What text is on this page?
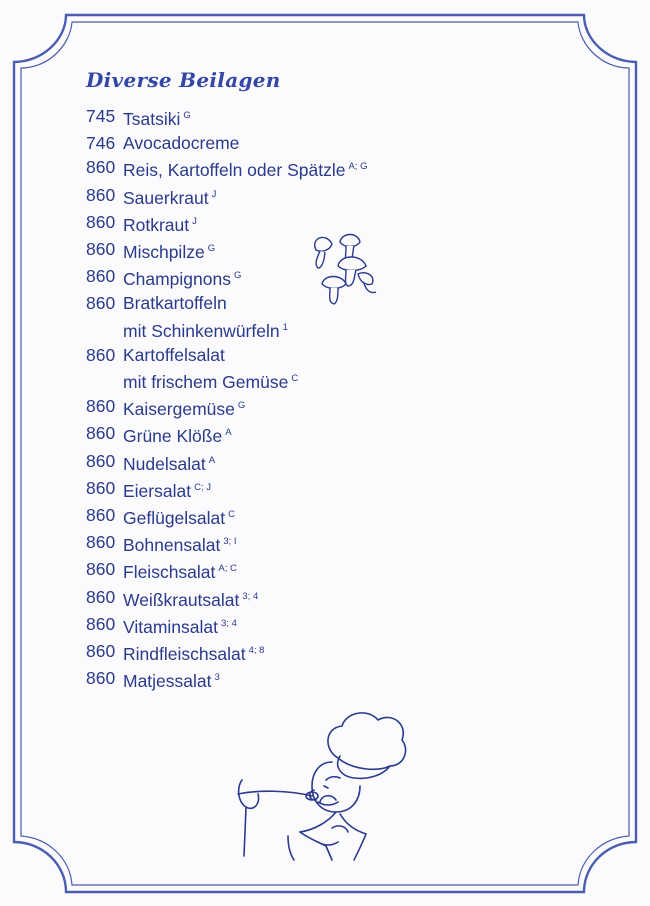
Diverse Beilagen
745 Tsatsiki $^G$
746 Avocadocreme
860 Reis, Kartoffeln oder Spätzle $^{A; G}$
860 Sauerkraut $^J$
860 Rotkraut $^J$
860 Mischpilze $^G$
860 Champignons $^G$
860 Bratkartoffeln
mit Schinkenwürfeln $^1$
860 Kartoffelsalat
mit frischem Gemüse $^C$
860 Kaisergemüse $^G$
860 Grüne Klöße $^A$
860 Nudelsalat $^A$
860 Eiersalat $^{C; J}$
860 Geflügelsalat $^C$
860 Bohnensalat $^{3; I}$
860 Fleischsalat $^{A; C}$
860 Weißkrautsalat $^{3; 4}$
860 Vitaminsalat $^{3; 4}$
860 Rindfleischsalat $^{4; 8}$
860 Matjessalat $^3$
